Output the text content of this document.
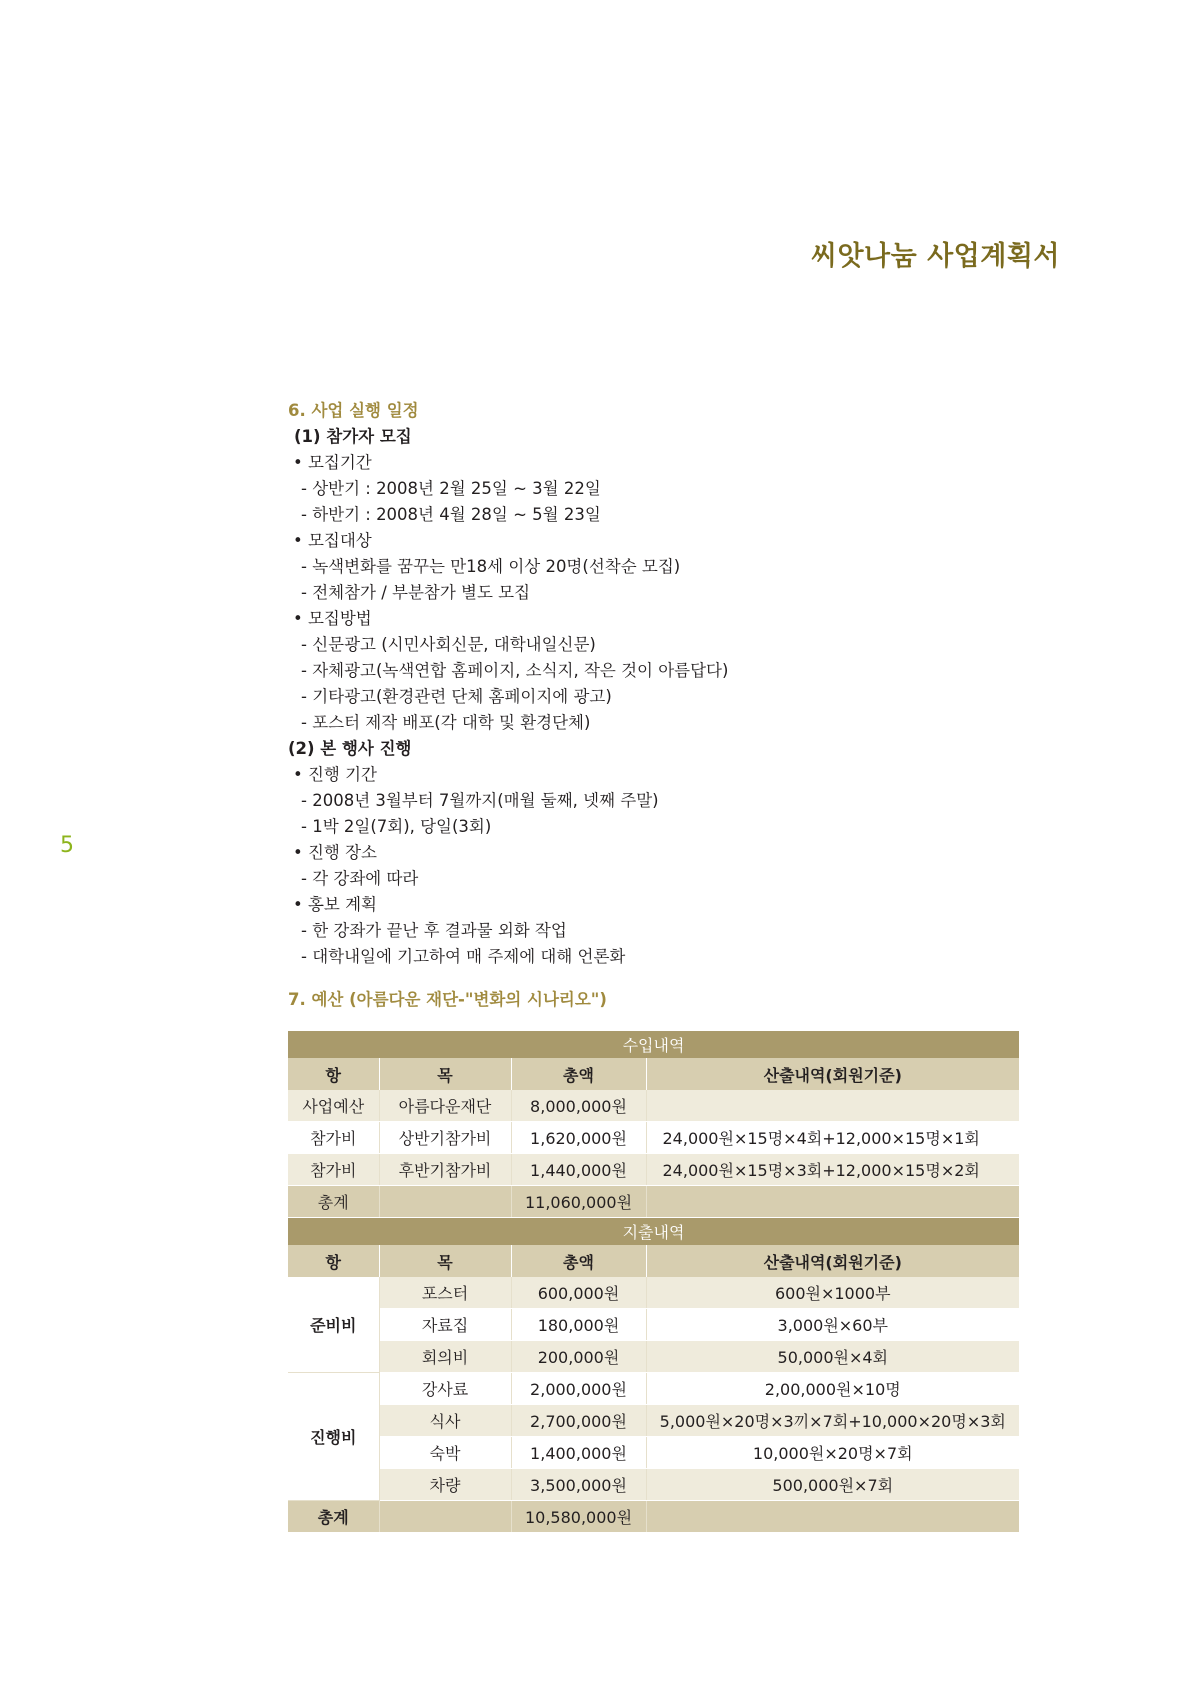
씨앗나눔 사업계획서
5
6. 사업 실행 일정
(1) 참가자 모집
• 모집기간
- 상반기 : 2008년 2월 25일 ~ 3월 22일
- 하반기 : 2008년 4월 28일 ~ 5월 23일
• 모집대상
- 녹색변화를 꿈꾸는 만18세 이상 20명(선착순 모집)
- 전체참가 / 부분참가 별도 모집
• 모집방법
- 신문광고 (시민사회신문, 대학내일신문)
- 자체광고(녹색연합 홈페이지, 소식지, 작은 것이 아름답다)
- 기타광고(환경관련 단체 홈페이지에 광고)
- 포스터 제작 배포(각 대학 및 환경단체)
(2) 본 행사 진행
• 진행 기간
- 2008년 3월부터 7월까지(매월 둘째, 넷째 주말)
- 1박 2일(7회), 당일(3회)
• 진행 장소
- 각 강좌에 따라
• 홍보 계획
- 한 강좌가 끝난 후 결과물 외화 작업
- 대학내일에 기고하여 매 주제에 대해 언론화
7. 예산 (아름다운 재단-"변화의 시나리오")
수입내역			
항	목	총액	산출내역(회원기준)
사업예산	아름다운재단	8,000,000원	
참가비	상반기참가비	1,620,000원	24,000원×15명×4회+12,000×15명×1회
참가비	후반기참가비	1,440,000원	24,000원×15명×3회+12,000×15명×2회
총계		11,060,000원	
지출내역			
항	목	총액	산출내역(회원기준)
준비비	포스터	600,000원	600원×1000부
	자료집	180,000원	3,000원×60부
	회의비	200,000원	50,000원×4회
진행비	강사료	2,000,000원	2,00,000원×10명
	식사	2,700,000원	5,000원×20명×3끼×7회+10,000×20명×3회
	숙박	1,400,000원	10,000원×20명×7회
	차량	3,500,000원	500,000원×7회
총계		10,580,000원	
